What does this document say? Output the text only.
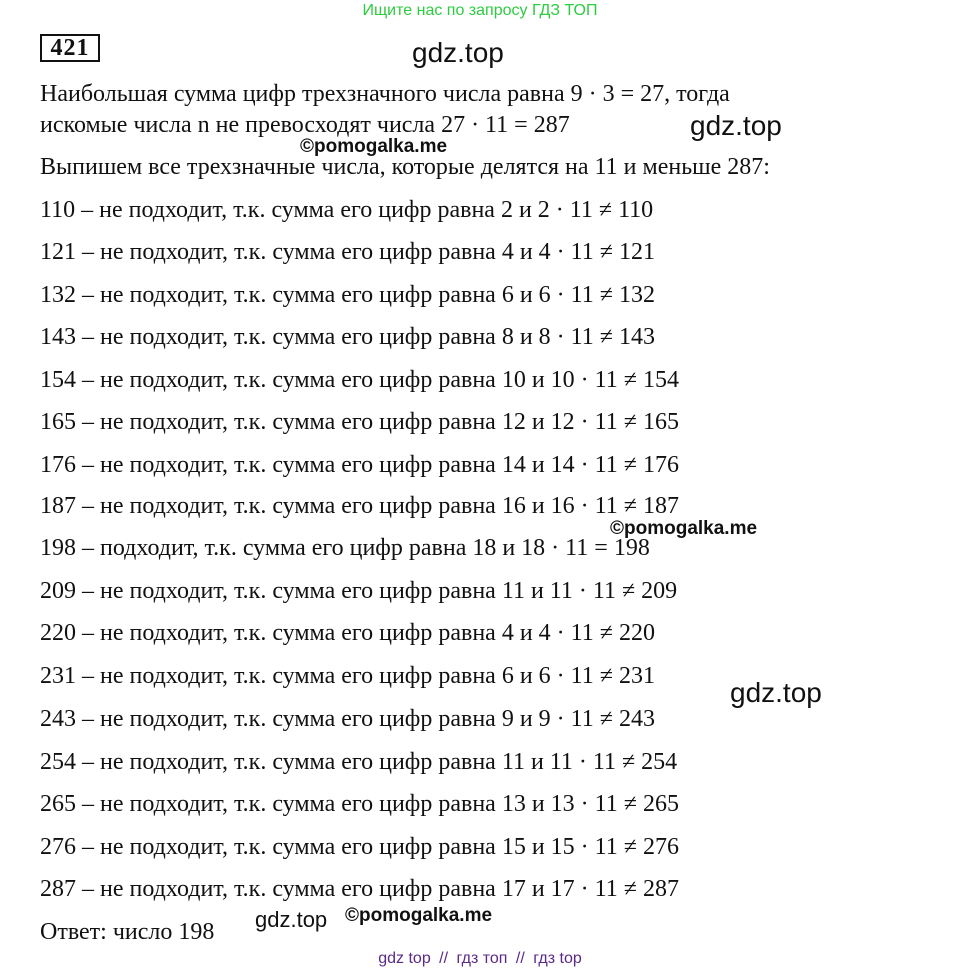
Ищите нас по запросу ГДЗ ТОП
421	gdz.top
Наибольшая сумма цифр трехзначного числа равна 9 · 3 = 27, тогда
искомые числа n не превосходят числа 27 · 11 = 287	gdz.top
©pomogalka.me
Выпишем все трехзначные числа, которые делятся на 11 и меньше 287:
110 – не подходит, т.к. сумма его цифр равна 2 и 2 · 11 ≠ 110
121 – не подходит, т.к. сумма его цифр равна 4 и 4 · 11 ≠ 121
132 – не подходит, т.к. сумма его цифр равна 6 и 6 · 11 ≠ 132
143 – не подходит, т.к. сумма его цифр равна 8 и 8 · 11 ≠ 143
154 – не подходит, т.к. сумма его цифр равна 10 и 10 · 11 ≠ 154
165 – не подходит, т.к. сумма его цифр равна 12 и 12 · 11 ≠ 165
176 – не подходит, т.к. сумма его цифр равна 14 и 14 · 11 ≠ 176
187 – не подходит, т.к. сумма его цифр равна 16 и 16 · 11 ≠ 187
©pomogalka.me
198 – подходит, т.к. сумма его цифр равна 18 и 18 · 11 = 198
209 – не подходит, т.к. сумма его цифр равна 11 и 11 · 11 ≠ 209
220 – не подходит, т.к. сумма его цифр равна 4 и 4 · 11 ≠ 220
231 – не подходит, т.к. сумма его цифр равна 6 и 6 · 11 ≠ 231
gdz.top
243 – не подходит, т.к. сумма его цифр равна 9 и 9 · 11 ≠ 243
254 – не подходит, т.к. сумма его цифр равна 11 и 11 · 11 ≠ 254
265 – не подходит, т.к. сумма его цифр равна 13 и 13 · 11 ≠ 265
276 – не подходит, т.к. сумма его цифр равна 15 и 15 · 11 ≠ 276
287 – не подходит, т.к. сумма его цифр равна 17 и 17 · 11 ≠ 287
Ответ: число 198 gdz.top ©pomogalka.me
gdz top // гдз топ // гдз top
